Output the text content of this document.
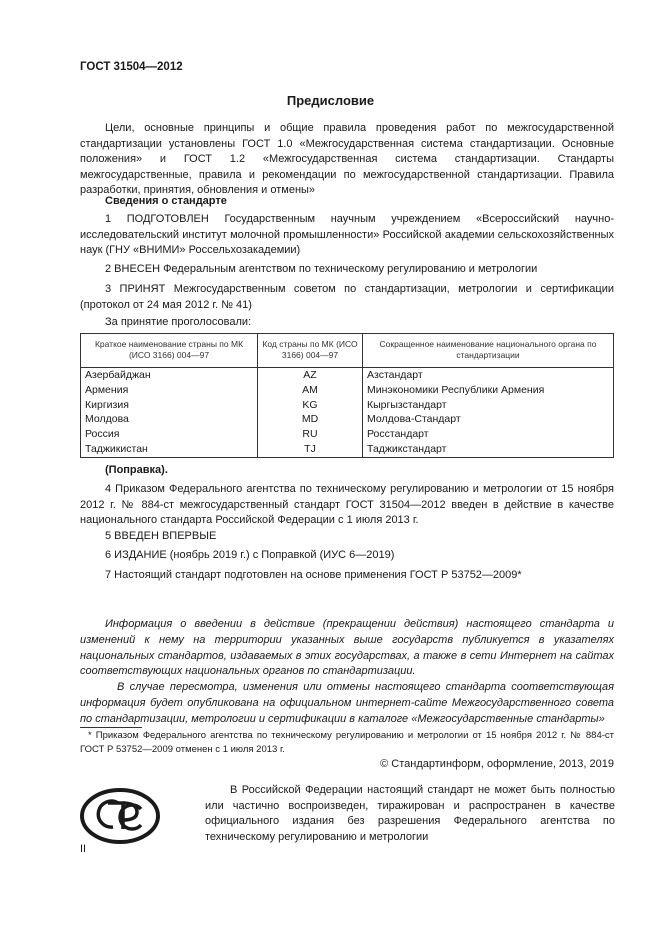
ГОСТ 31504—2012
Предисловие
Цели, основные принципы и общие правила проведения работ по межгосударственной стандартизации установлены ГОСТ 1.0 «Межгосударственная система стандартизации. Основные положения» и ГОСТ 1.2 «Межгосударственная система стандартизации. Стандарты межгосударственные, правила и рекомендации по межгосударственной стандартизации. Правила разработки, принятия, обновления и отмены»
Сведения о стандарте
1 ПОДГОТОВЛЕН Государственным научным учреждением «Всероссийский научно-исследовательский институт молочной промышленности» Российской академии сельскохозяйственных наук (ГНУ «ВНИМИ» Россельхозакадемии)
2 ВНЕСЕН Федеральным агентством по техническому регулированию и метрологии
3 ПРИНЯТ Межгосударственным советом по стандартизации, метрологии и сертификации (протокол от 24 мая 2012 г. № 41)
За принятие проголосовали:
Краткое наименование страны по МК (ИСО 3166) 004—97	Код страны по МК (ИСО 3166) 004—97	Сокращенное наименование национального органа по стандартизации
Азербайджан	AZ	Азстандарт
Армения	AM	Минэкономики Республики Армения
Киргизия	KG	Кыргызстандарт
Молдова	MD	Молдова-Стандарт
Россия	RU	Росстандарт
Таджикистан	TJ	Таджикстандарт
(Поправка).
4 Приказом Федерального агентства по техническому регулированию и метрологии от 15 ноября 2012 г. № 884-ст межгосударственный стандарт ГОСТ 31504—2012 введен в действие в качестве национального стандарта Российской Федерации с 1 июля 2013 г.
5 ВВЕДЕН ВПЕРВЫЕ
6 ИЗДАНИЕ (ноябрь 2019 г.) с Поправкой (ИУС 6—2019)
7 Настоящий стандарт подготовлен на основе применения ГОСТ Р 53752—2009*
Информация о введении в действие (прекращении действия) настоящего стандарта и изменений к нему на территории указанных выше государств публикуется в указателях национальных стандартов, издаваемых в этих государствах, а также в сети Интернет на сайтах соответствующих национальных органов по стандартизации.
В случае пересмотра, изменения или отмены настоящего стандарта соответствующая информация будет опубликована на официальном интернет-сайте Межгосударственного совета по стандартизации, метрологии и сертификации в каталоге «Межгосударственные стандарты»
* Приказом Федерального агентства по техническому регулированию и метрологии от 15 ноября 2012 г. № 884-ст ГОСТ Р 53752—2009 отменен с 1 июля 2013 г.
© Стандартинформ, оформление, 2013, 2019
В Российской Федерации настоящий стандарт не может быть полностью или частично воспроизведен, тиражирован и распространен в качестве официального издания без разрешения Федерального агентства по техническому регулированию и метрологии
II
